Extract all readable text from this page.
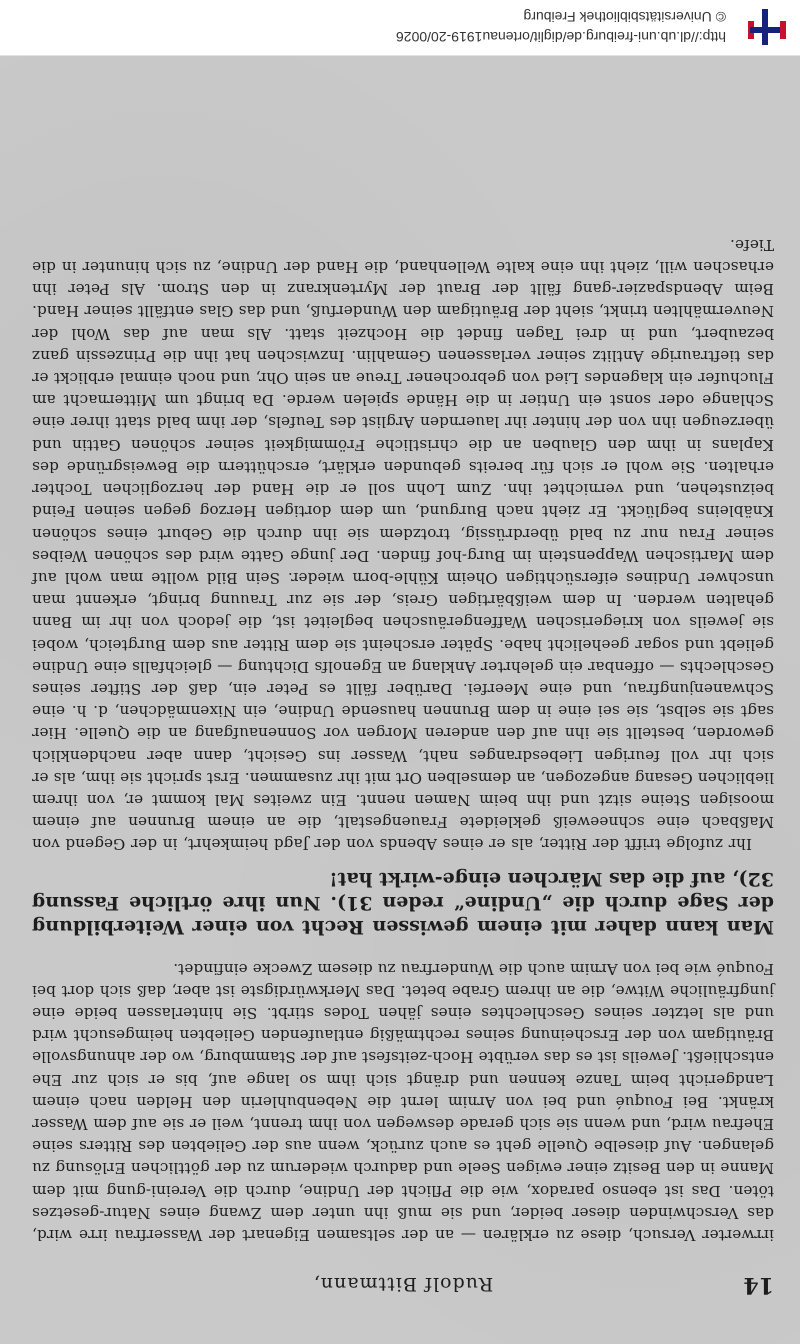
14
Rudolf Bittmann,

irrwerter Versuch, diese zu erklären — an der seltsamen Eigenart der Wasserfrau irre wird, das Verschwinden dieser beider, und sie muß ihn unter dem Zwang eines Natur-gesetzes töten. Das ist ebenso paradox, wie die Pflicht der Undine, durch die Vereini-gung mit dem Manne in den Besitz einer ewigen Seele und dadurch wiederum zu der göttlichen Erlösung zu gelangen. Auf dieselbe Quelle geht es auch zurück, wenn aus der Geliebten des Ritters seine Ehefrau wird, und wenn sie sich gerade deswegen von ihm trennt, weil er sie auf dem Wasser kränkt. Bei Fouqué und bei von Arnim lernt die Nebenbuhlerin den Helden nach einem Landgericht beim Tanze kennen und drängt sich ihm so lange auf, bis er sich zur Ehe entschließt. Jeweils ist es das verübte Hoch-zeitsfest auf der Stammburg, wo der ahnungsvolle Bräutigam von der Erscheinung seines rechtmäßig entlaufenden Geliebten heimgesucht wird und als letzter seines Geschlechtes eines jähen Todes stirbt. Sie hinterlassen beide eine jungfräuliche Witwe, die an ihrem Grabe betet. Das Merkwürdigste ist aber, daß sich dort bei Fouqué wie bei von Arnim auch die Wunderfrau zu diesem Zwecke einfindet.

Man kann daher mit einem gewissen Recht von einer Weiterbildung der Sage durch die „Undine“ reden 31). Nun ihre örtliche Fassung 32), auf die das Märchen einge-wirkt hat!

Ihr zufolge trifft der Ritter, als er eines Abends von der Jagd heimkehrt, in der Gegend von Maßbach eine schneeweiß gekleidete Frauengestalt, die an einem Brunnen auf einem moosigen Steine sitzt und ihn beim Namen nennt. Ein zweites Mal kommt er, von ihrem lieblichen Gesang angezogen, an demselben Ort mit ihr zusammen. Erst spricht sie ihm, als er sich ihr voll feurigen Liebesdranges naht, Wasser ins Gesicht, dann aber nachdenklich geworden, bestellt sie ihn auf den anderen Morgen vor Sonnenaufgang an die Quelle. Hier sagt sie selbst, sie sei eine in dem Brunnen hausende Undine, ein Nixenmädchen, d. h. eine Schwanenjungfrau, und eine Meerfei. Darüber fällt es Peter ein, daß der Stifter seines Geschlechts — offenbar ein gelehrter Anklang an Egenolfs Dichtung — gleichfalls eine Undine geliebt und sogar geehelicht habe. Später erscheint sie dem Ritter aus dem Burgteich, wobei sie jeweils von kriegerischen Waffengeräuschen begleitet ist, die jedoch von ihr im Bann gehalten werden. In dem weißbärtigen Greis, der sie zur Trauung bringt, erkennt man unschwer Undines eifersüchtigen Oheim Kühle-born wieder. Sein Bild wollte man wohl auf dem Martischen Wappenstein im Burg-hof finden. Der junge Gatte wird des schönen Weibes seiner Frau nur zu bald überdrüssig, trotzdem sie ihn durch die Geburt eines schönen Knäbleins beglückt. Er zieht nach Burgund, um dem dortigen Herzog gegen seinen Feind beizustehen, und vernichtet ihn. Zum Lohn soll er die Hand der herzoglichen Tochter erhalten. Sie wohl er sich für bereits gebunden erklärt, erschüttern die Beweisgründe des Kaplans in ihm den Glauben an die christliche Frömmigkeit seiner schönen Gattin und überzeugen ihn von der hinter ihr lauernden Arglist des Teufels, der ihm bald statt ihrer eine Schlange oder sonst ein Untier in die Hände spielen werde. Da bringt um Mitternacht am Fluchufer ein klagendes Lied von gebrochener Treue an sein Ohr, und noch einmal erblickt er das tieftraurige Antlitz seiner verlassenen Gemahlin. Inzwischen hat ihn die Prinzessin ganz bezaubert, und in drei Tagen findet die Hochzeit statt. Als man auf das Wohl der Neuvermählten trinkt, sieht der Bräutigam den Wunderfuß, und das Glas entfällt seiner Hand. Beim Abendspazier-gang fällt der Braut der Myrtenkranz in den Strom. Als Peter ihn erhaschen will, zieht ihn eine kalte Wellenhand, die Hand der Undine, zu sich hinunter in die Tiefe.

http://dl.ub.uni-freiburg.de/diglit/ortenau1919-20/0026
© Universitätsbibliothek Freiburg
